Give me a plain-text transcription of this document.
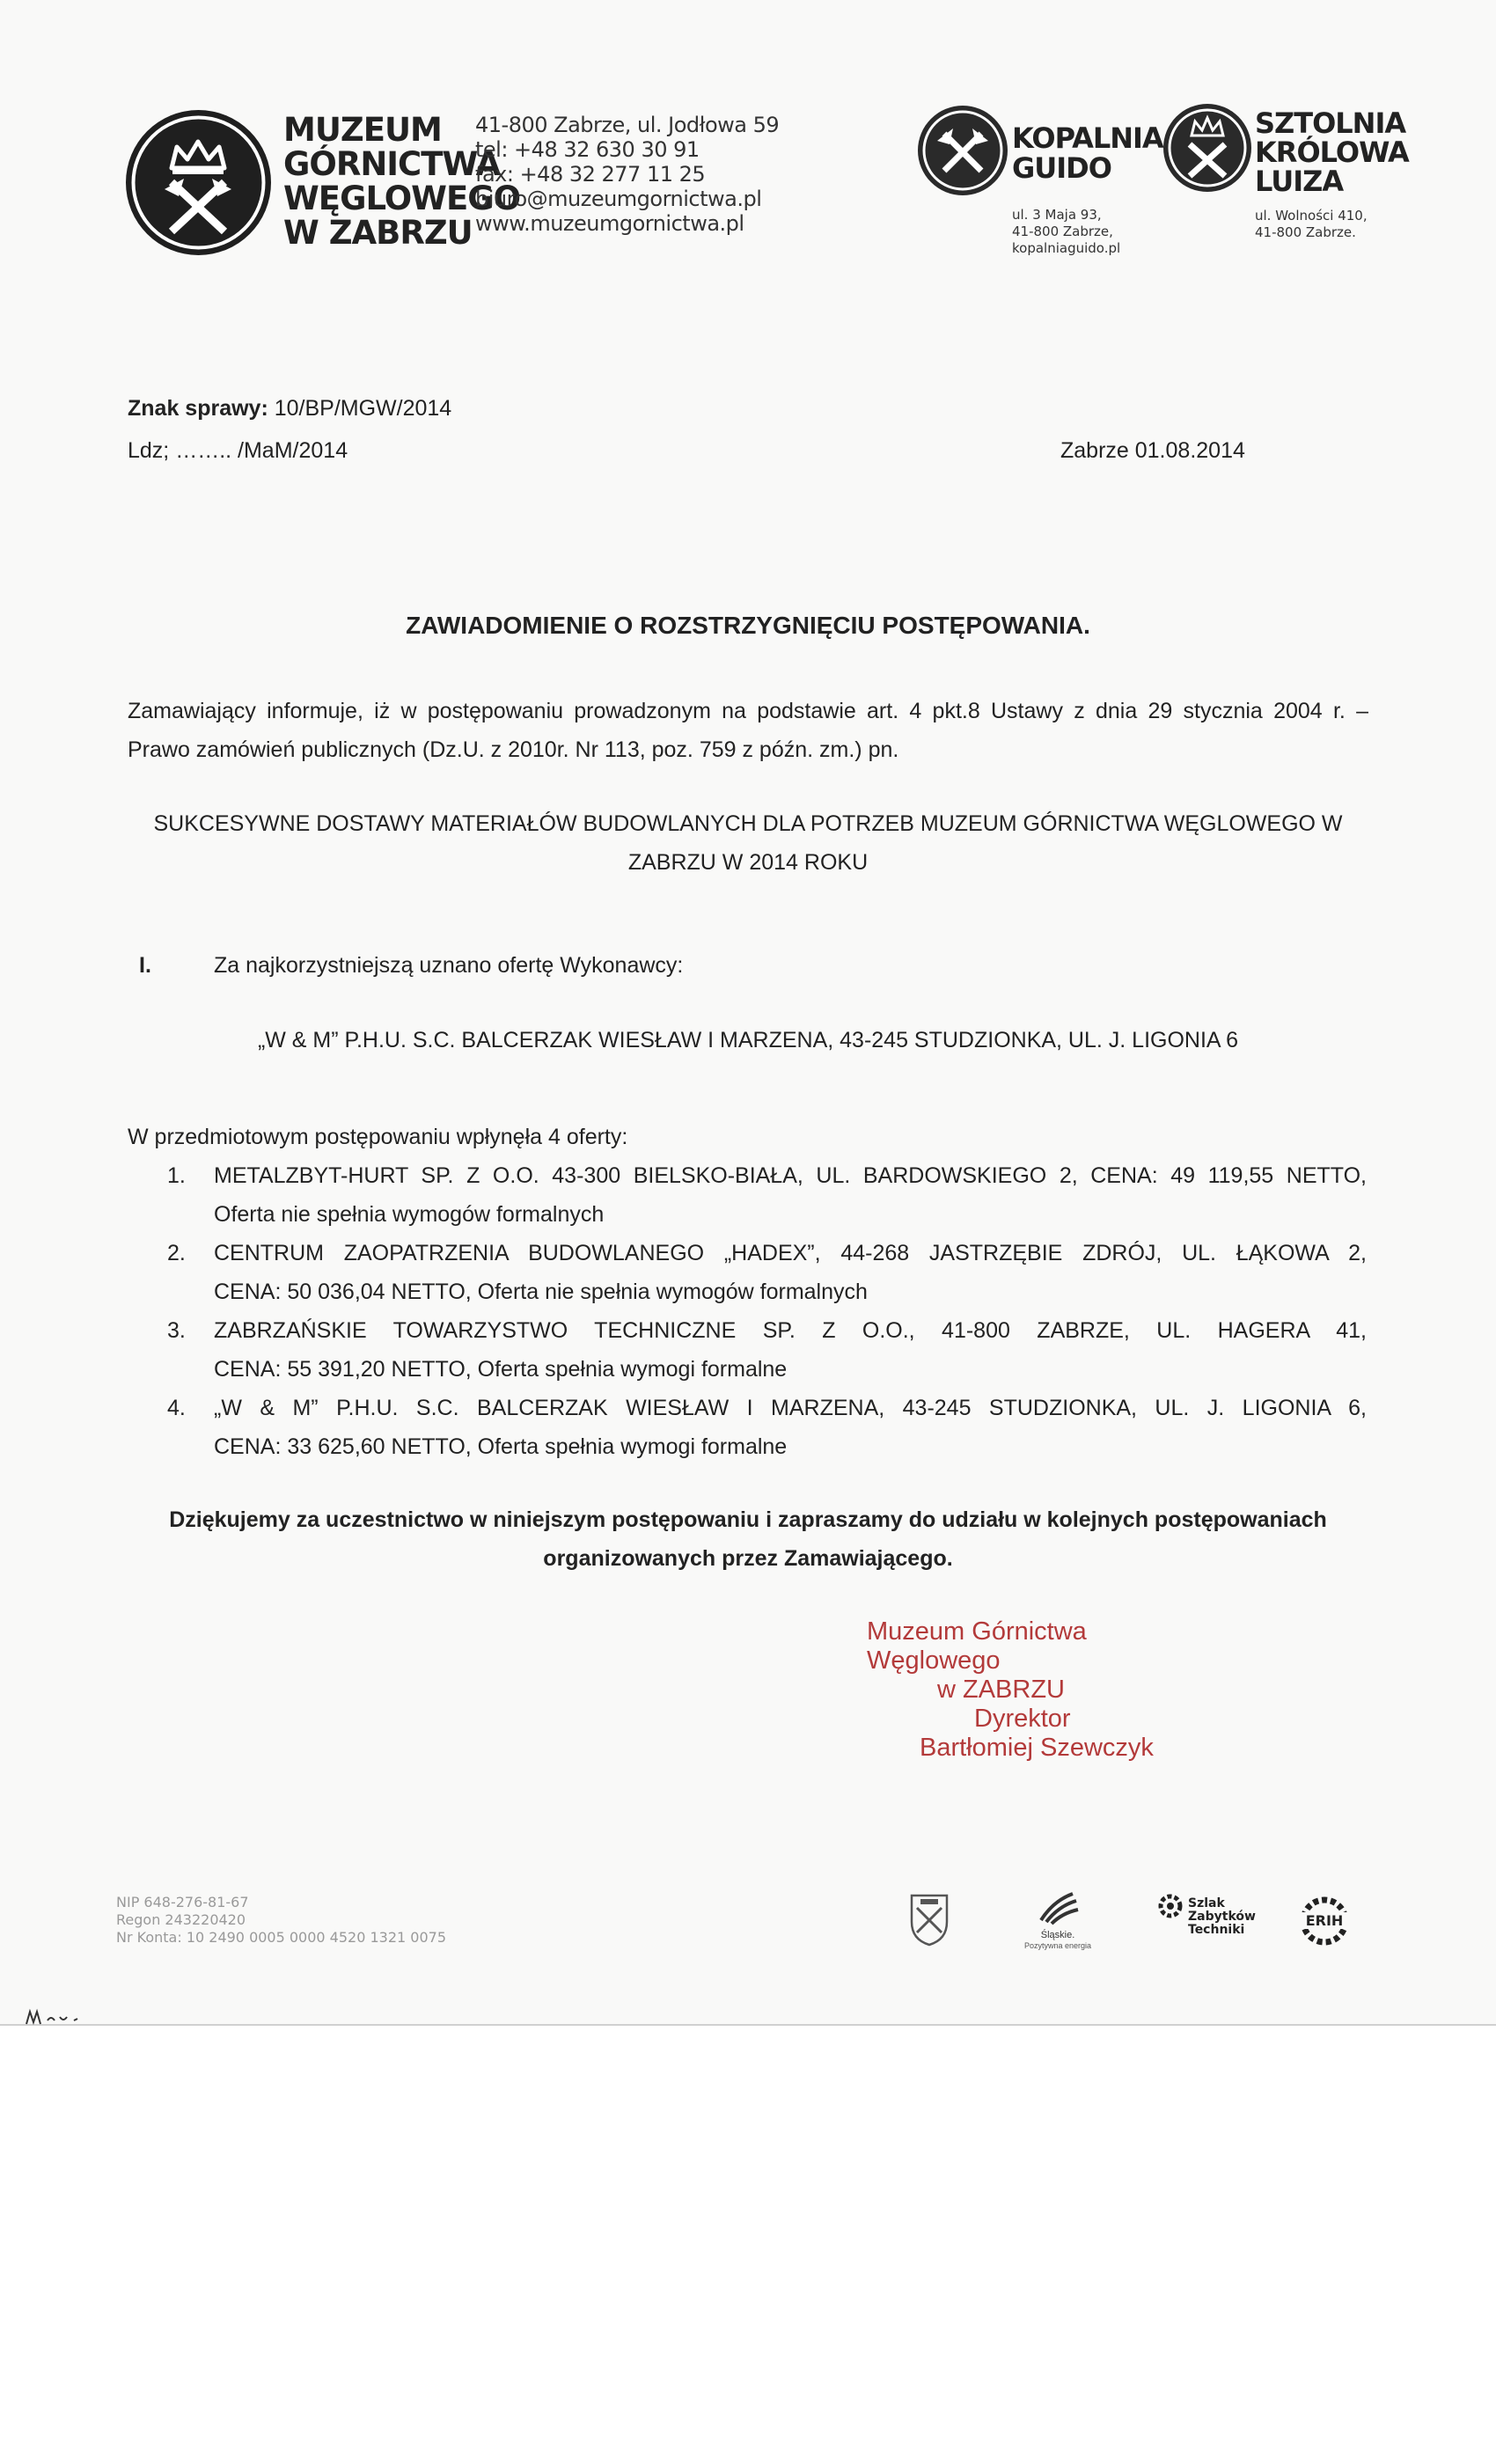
MUZEUM
GÓRNICTWA
WĘGLOWEGO
W ZABRZU
41-800 Zabrze, ul. Jodłowa 59
tel: +48 32 630 30 91
fax: +48 32 277 11 25
biuro@muzeumgornictwa.pl
www.muzeumgornictwa.pl
KOPALNIA
GUIDO
ul. 3 Maja 93,
41-800 Zabrze,
kopalniaguido.pl
SZTOLNIA
KRÓLOWA
LUIZA
ul. Wolności 410,
41-800 Zabrze.
Znak sprawy: 10/BP/MGW/2014
Ldz; …….. /MaM/2014	Zabrze 01.08.2014
ZAWIADOMIENIE O ROZSTRZYGNIĘCIU POSTĘPOWANIA.
Zamawiający informuje, iż w postępowaniu prowadzonym na podstawie art. 4 pkt.8 Ustawy z dnia 29 stycznia 2004 r. –
Prawo zamówień publicznych (Dz.U. z 2010r. Nr 113, poz. 759 z późn. zm.) pn.
SUKCESYWNE DOSTAWY MATERIAŁÓW BUDOWLANYCH DLA POTRZEB MUZEUM GÓRNICTWA WĘGLOWEGO W
ZABRZU W 2014 ROKU
I.	Za najkorzystniejszą uznano ofertę Wykonawcy:
„W & M” P.H.U. S.C. BALCERZAK WIESŁAW I MARZENA, 43-245 STUDZIONKA, UL. J. LIGONIA 6
W przedmiotowym postępowaniu wpłynęła 4 oferty:
1.	METALZBYT-HURT SP. Z O.O. 43-300 BIELSKO-BIAŁA, UL. BARDOWSKIEGO 2, CENA: 49 119,55 NETTO,
Oferta nie spełnia wymogów formalnych
2.	CENTRUM ZAOPATRZENIA BUDOWLANEGO „HADEX”, 44-268 JASTRZĘBIE ZDRÓJ, UL. ŁĄKOWA 2,
CENA: 50 036,04 NETTO, Oferta nie spełnia wymogów formalnych
3.	ZABRZAŃSKIE TOWARZYSTWO TECHNICZNE SP. Z O.O., 41-800 ZABRZE, UL. HAGERA 41,
CENA: 55 391,20 NETTO, Oferta spełnia wymogi formalne
4.	„W & M” P.H.U. S.C. BALCERZAK WIESŁAW I MARZENA, 43-245 STUDZIONKA, UL. J. LIGONIA 6,
CENA: 33 625,60 NETTO, Oferta spełnia wymogi formalne
Dziękujemy za uczestnictwo w niniejszym postępowaniu i zapraszamy do udziału w kolejnych postępowaniach
organizowanych przez Zamawiającego.
Muzeum Górnictwa Węglowego
w ZABRZU
Dyrektor
Bartłomiej Szewczyk
NIP 648-276-81-67
Regon 243220420
Nr Konta: 10 2490 0005 0000 4520 1321 0075	Śląskie.
Pozytywna energia
Szlak
Zabytków
Techniki
ERIH
